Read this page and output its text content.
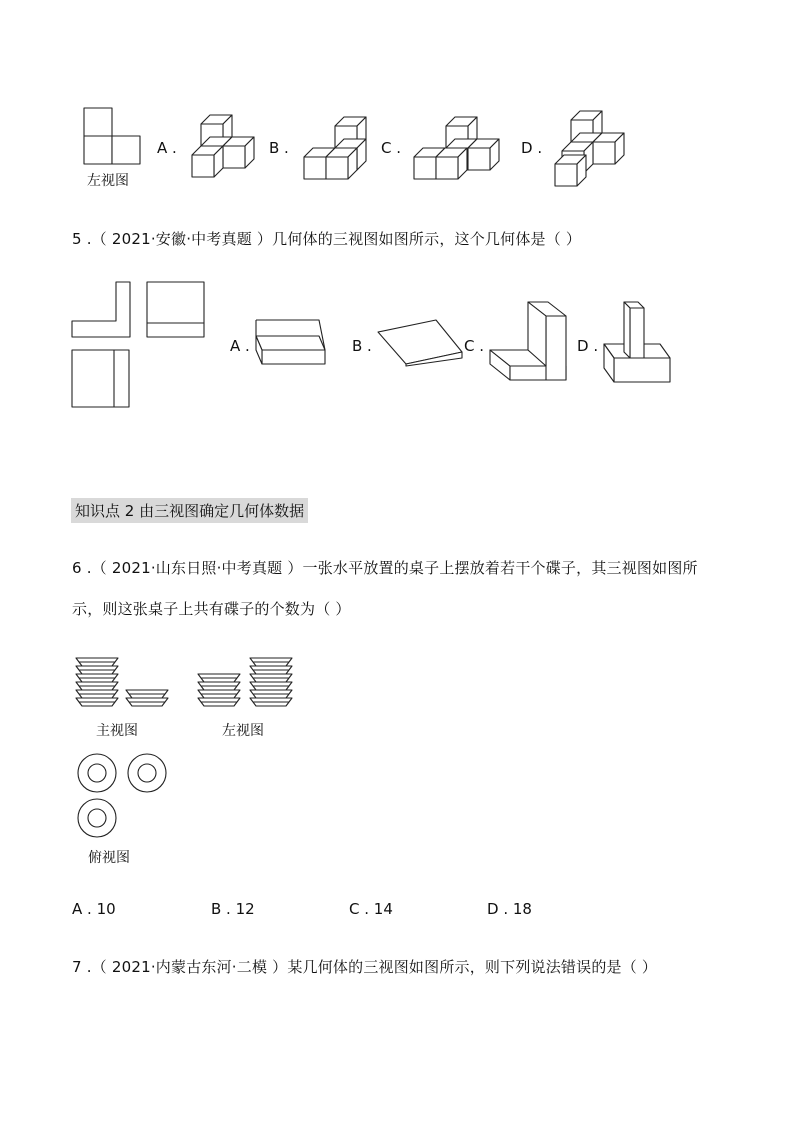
左视图
A .	B .	C .	D .
5 .（ 2021·安徽·中考真题 ）几何体的三视图如图所示，这个几何体是（ ）
A .	B .	C .	D .
知识点 2 由三视图确定几何体数据
6 .（ 2021·山东日照·中考真题 ）一张水平放置的桌子上摆放着若干个碟子，其三视图如图所
示，则这张桌子上共有碟子的个数为（ ）
主视图	左视图
俯视图
A . 10	B . 12	C . 14	D . 18
7 .（ 2021·内蒙古东河·二模 ）某几何体的三视图如图所示，则下列说法错误的是（ ）
